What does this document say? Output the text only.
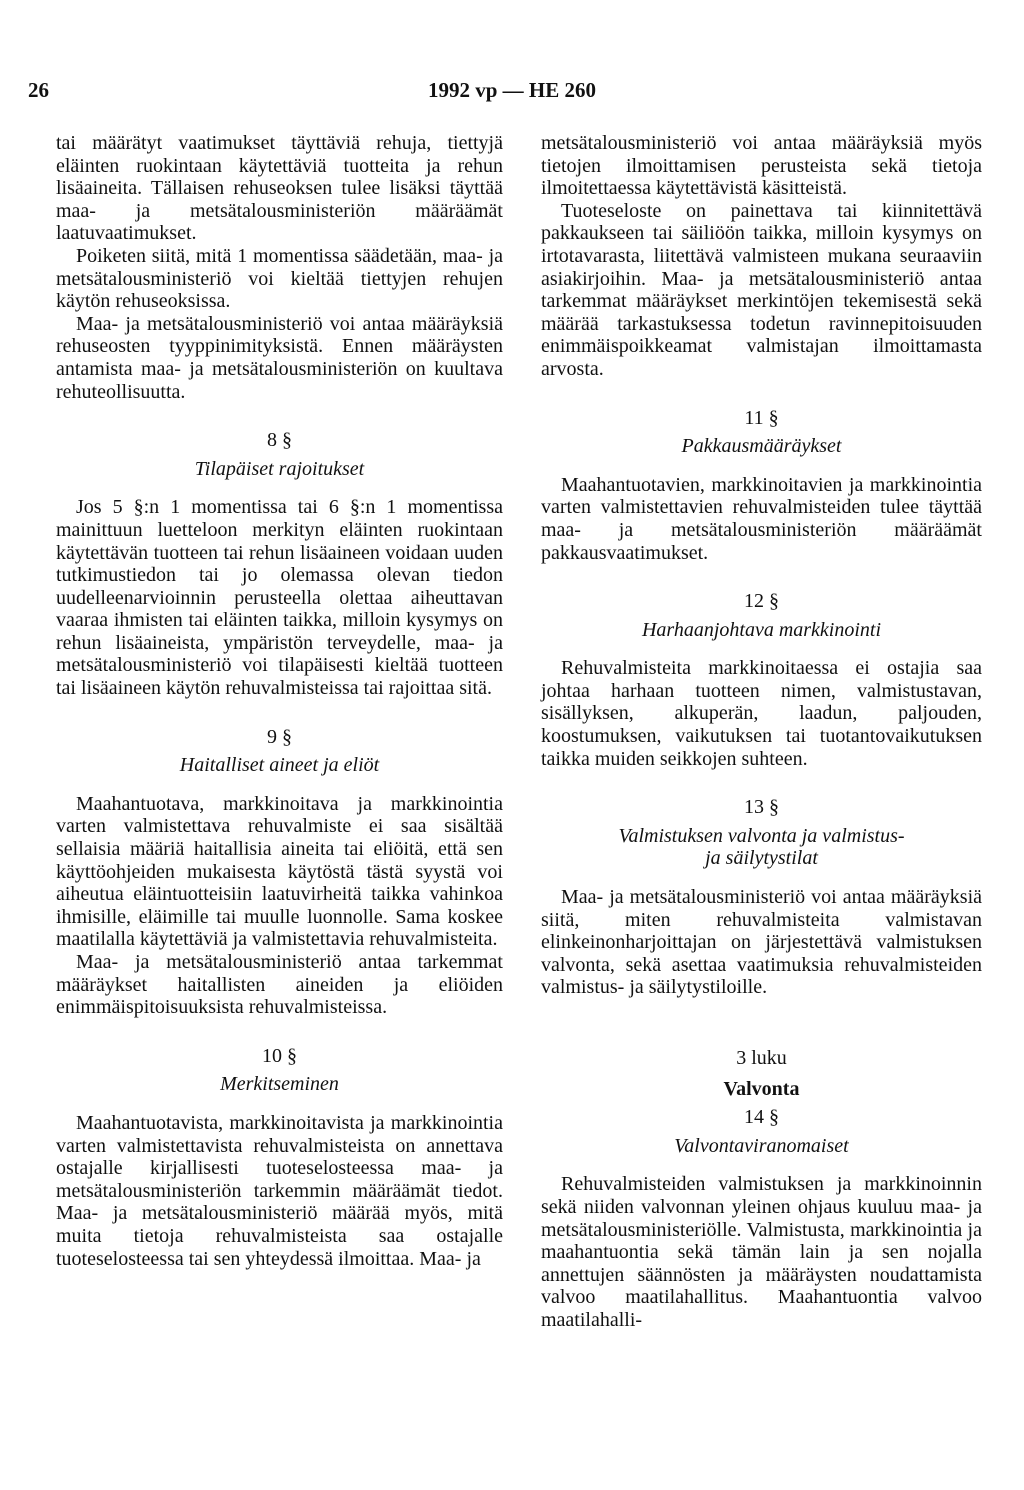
26	1992 vp — HE 260

tai määrätyt vaatimukset täyttäviä rehuja, tiettyjä eläinten ruokintaan käytettäviä tuotteita ja rehun lisäaineita. Tällaisen rehuseoksen tulee lisäksi täyttää maa- ja metsätalousministeriön määräämät laatuvaatimukset.

Poiketen siitä, mitä 1 momentissa säädetään, maa- ja metsätalousministeriö voi kieltää tiettyjen rehujen käytön rehuseoksissa.

Maa- ja metsätalousministeriö voi antaa määräyksiä rehuseosten tyyppinimityksistä. Ennen määräysten antamista maa- ja metsätalousministeriön on kuultava rehuteollisuutta.

8 §

Tilapäiset rajoitukset

Jos 5 §:n 1 momentissa tai 6 §:n 1 momentissa mainittuun luetteloon merkityn eläinten ruokintaan käytettävän tuotteen tai rehun lisäaineen voidaan uuden tutkimustiedon tai jo olemassa olevan tiedon uudelleenarvioinnin perusteella olettaa aiheuttavan vaaraa ihmisten tai eläinten taikka, milloin kysymys on rehun lisäaineista, ympäristön terveydelle, maa- ja metsätalousministeriö voi tilapäisesti kieltää tuotteen tai lisäaineen käytön rehuvalmisteissa tai rajoittaa sitä.

9 §

Haitalliset aineet ja eliöt

Maahantuotava, markkinoitava ja markkinointia varten valmistettava rehuvalmiste ei saa sisältää sellaisia määriä haitallisia aineita tai eliöitä, että sen käyttöohjeiden mukaisesta käytöstä tästä syystä voi aiheutua eläintuotteisiin laatuvirheitä taikka vahinkoa ihmisille, eläimille tai muulle luonnolle. Sama koskee maatilalla käytettäviä ja valmistettavia rehuvalmisteita.

Maa- ja metsätalousministeriö antaa tarkemmat määräykset haitallisten aineiden ja eliöiden enimmäispitoisuuksista rehuvalmisteissa.

10 §

Merkitseminen

Maahantuotavista, markkinoitavista ja markkinointia varten valmistettavista rehuvalmisteista on annettava ostajalle kirjallisesti tuoteselosteessa maa- ja metsätalousministeriön tarkemmin määräämät tiedot. Maa- ja metsätalousministeriö määrää myös, mitä muita tietoja rehuvalmisteista saa ostajalle tuoteselosteessa tai sen yhteydessä ilmoittaa. Maa- ja

metsätalousministeriö voi antaa määräyksiä myös tietojen ilmoittamisen perusteista sekä tietoja ilmoitettaessa käytettävistä käsitteistä.

Tuoteseloste on painettava tai kiinnitettävä pakkaukseen tai säiliöön taikka, milloin kysymys on irtotavarasta, liitettävä valmisteen mukana seuraaviin asiakirjoihin. Maa- ja metsätalousministeriö antaa tarkemmat määräykset merkintöjen tekemisestä sekä määrää tarkastuksessa todetun ravinnepitoisuuden enimmäispoikkeamat valmistajan ilmoittamasta arvosta.

11 §

Pakkausmääräykset

Maahantuotavien, markkinoitavien ja markkinointia varten valmistettavien rehuvalmisteiden tulee täyttää maa- ja metsätalousministeriön määräämät pakkausvaatimukset.

12 §

Harhaanjohtava markkinointi

Rehuvalmisteita markkinoitaessa ei ostajia saa johtaa harhaan tuotteen nimen, valmistustavan, sisällyksen, alkuperän, laadun, paljouden, koostumuksen, vaikutuksen tai tuotantovaikutuksen taikka muiden seikkojen suhteen.

13 §

Valmistuksen valvonta ja valmistus-
ja säilytystilat

Maa- ja metsätalousministeriö voi antaa määräyksiä siitä, miten rehuvalmisteita valmistavan elinkeinonharjoittajan on järjestettävä valmistuksen valvonta, sekä asettaa vaatimuksia rehuvalmisteiden valmistus- ja säilytystiloille.

3 luku

Valvonta

14 §

Valvontaviranomaiset

Rehuvalmisteiden valmistuksen ja markkinoinnin sekä niiden valvonnan yleinen ohjaus kuuluu maa- ja metsätalousministeriölle. Valmistusta, markkinointia ja maahantuontia sekä tämän lain ja sen nojalla annettujen säännösten ja määräysten noudattamista valvoo maatilahallitus. Maahantuontia valvoo maatilahalli-
